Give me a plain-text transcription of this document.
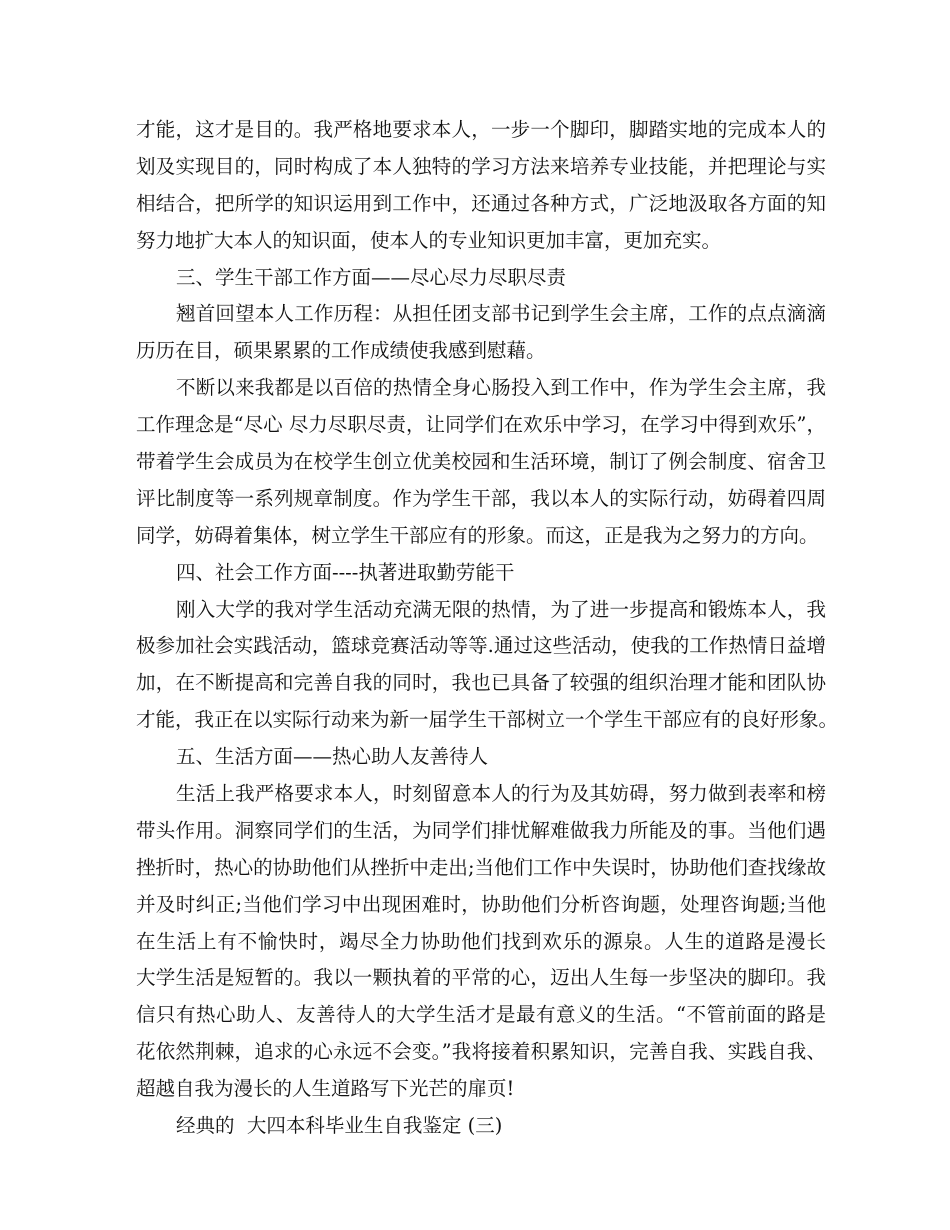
才能，这才是目的。我严格地要求本人，一步一个脚印，脚踏实地的完成本人的
划及实现目的，同时构成了本人独特的学习方法来培养专业技能，并把理论与实
相结合，把所学的知识运用到工作中，还通过各种方式，广泛地汲取各方面的知
努力地扩大本人的知识面，使本人的专业知识更加丰富，更加充实。
三、学生干部工作方面——尽心尽力尽职尽责
翘首回望本人工作历程：从担任团支部书记到学生会主席，工作的点点滴滴
历历在目，硕果累累的工作成绩使我感到慰藉。
不断以来我都是以百倍的热情全身心肠投入到工作中，作为学生会主席，我
工作理念是“尽心 尽力尽职尽责，让同学们在欢乐中学习，在学习中得到欢乐”，
带着学生会成员为在校学生创立优美校园和生活环境，制订了例会制度、宿舍卫
评比制度等一系列规章制度。作为学生干部，我以本人的实际行动，妨碍着四周
同学，妨碍着集体，树立学生干部应有的形象。而这，正是我为之努力的方向。
四、社会工作方面----执著进取勤劳能干
刚入大学的我对学生活动充满无限的热情，为了进一步提高和锻炼本人，我
极参加社会实践活动，篮球竞赛活动等等.通过这些活动，使我的工作热情日益增
加，在不断提高和完善自我的同时，我也已具备了较强的组织治理才能和团队协
才能，我正在以实际行动来为新一届学生干部树立一个学生干部应有的良好形象。
五、生活方面——热心助人友善待人
生活上我严格要求本人，时刻留意本人的行为及其妨碍，努力做到表率和榜
带头作用。洞察同学们的生活，为同学们排忧解难做我力所能及的事。当他们遇
挫折时，热心的协助他们从挫折中走出;当他们工作中失误时，协助他们查找缘故
并及时纠正;当他们学习中出现困难时，协助他们分析咨询题，处理咨询题;当他
在生活上有不愉快时，竭尽全力协助他们找到欢乐的源泉。人生的道路是漫长
大学生活是短暂的。我以一颗执着的平常的心，迈出人生每一步坚决的脚印。我
信只有热心助人、友善待人的大学生活才是最有意义的生活。“不管前面的路是
花依然荆棘，追求的心永远不会变。”我将接着积累知识，完善自我、实践自我、
超越自我为漫长的人生道路写下光芒的扉页!
经典的  大四本科毕业生自我鉴定 (三)
